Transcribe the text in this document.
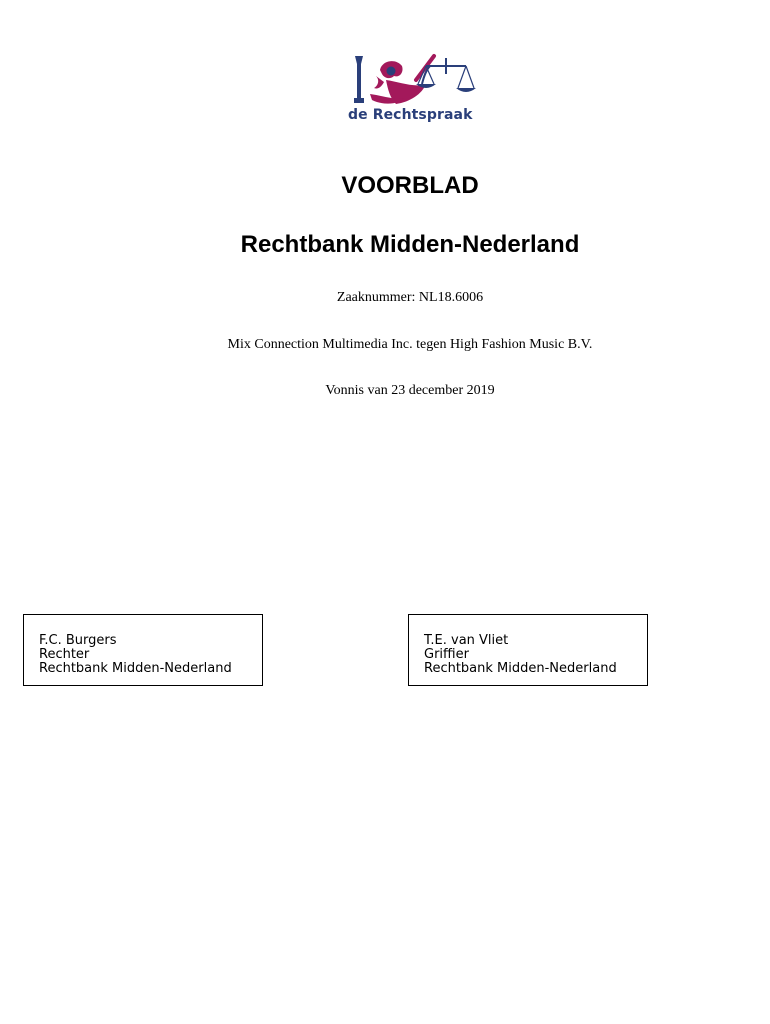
de Rechtspraak
VOORBLAD
Rechtbank Midden-Nederland
Zaaknummer: NL18.6006
Mix Connection Multimedia Inc. tegen High Fashion Music B.V.
Vonnis van 23 december 2019
F.C. Burgers
Rechter
Rechtbank Midden-Nederland
T.E. van Vliet
Griffier
Rechtbank Midden-Nederland
